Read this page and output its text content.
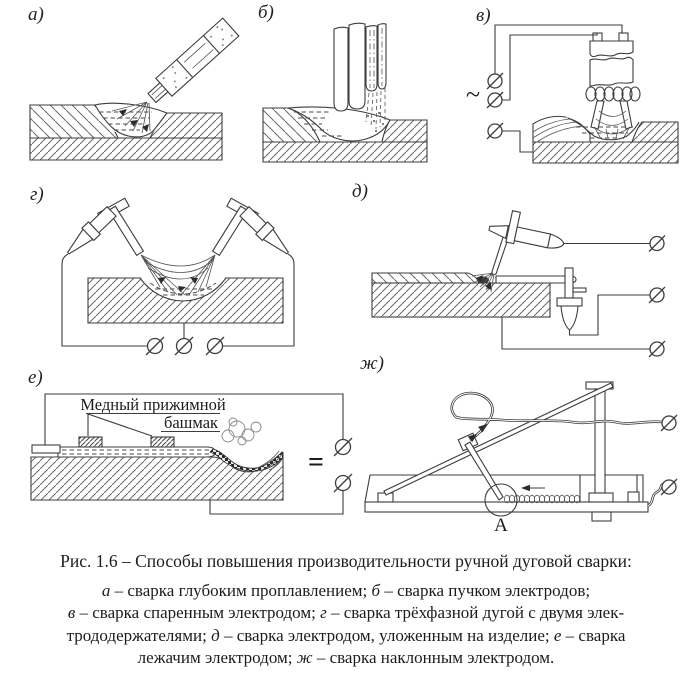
~
Медный прижимной
башмак
=
А
а)	б)	в)
г)	д)
е)
ж)

Рис. 1.6 – Способы повышения производительности ручной дуговой сварки:

а – сварка глубоким проплавлением; б – сварка пучком электродов;

в – сварка спаренным электродом; г – сварка трёхфазной дугой с двумя элек-

трододержателями; д – сварка электродом, уложенным на изделие; е – сварка

лежачим электродом; ж – сварка наклонным электродом.
